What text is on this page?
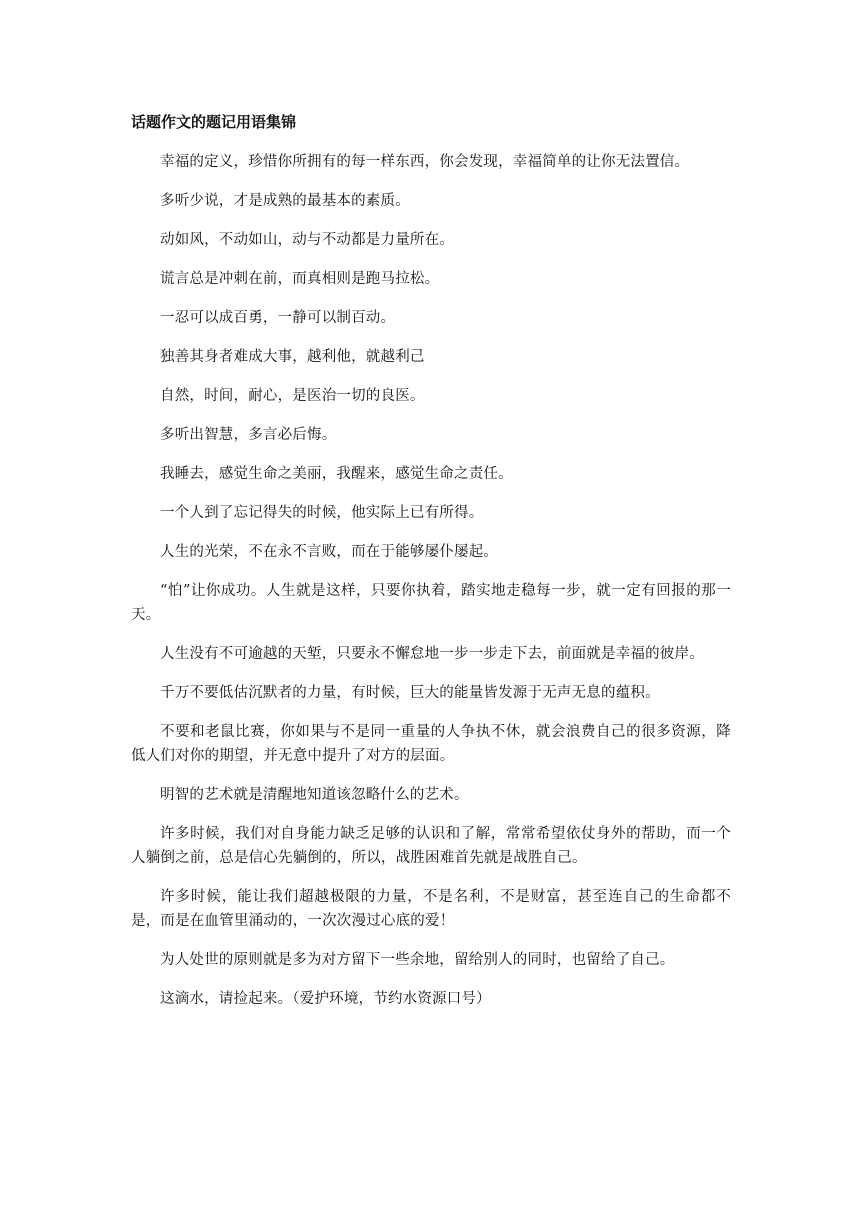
话题作文的题记用语集锦

幸福的定义，珍惜你所拥有的每一样东西，你会发现，幸福简单的让你无法置信。

多听少说，才是成熟的最基本的素质。

动如风，不动如山，动与不动都是力量所在。

谎言总是冲刺在前，而真相则是跑马拉松。

一忍可以成百勇，一静可以制百动。

独善其身者难成大事，越利他，就越利己

自然，时间，耐心，是医治一切的良医。

多听出智慧，多言必后悔。

我睡去，感觉生命之美丽，我醒来，感觉生命之责任。

一个人到了忘记得失的时候，他实际上已有所得。

人生的光荣，不在永不言败，而在于能够屡仆屡起。

“怕”让你成功。人生就是这样，只要你执着，踏实地走稳每一步，就一定有回报的那一天。

人生没有不可逾越的天堑，只要永不懈怠地一步一步走下去，前面就是幸福的彼岸。

千万不要低估沉默者的力量，有时候，巨大的能量皆发源于无声无息的蕴积。

不要和老鼠比赛，你如果与不是同一重量的人争执不休，就会浪费自己的很多资源，降低人们对你的期望，并无意中提升了对方的层面。

明智的艺术就是清醒地知道该忽略什么的艺术。

许多时候，我们对自身能力缺乏足够的认识和了解，常常希望依仗身外的帮助，而一个人躺倒之前，总是信心先躺倒的，所以，战胜困难首先就是战胜自己。

许多时候，能让我们超越极限的力量，不是名利，不是财富，甚至连自己的生命都不是，而是在血管里涌动的，一次次漫过心底的爱！

为人处世的原则就是多为对方留下一些余地，留给别人的同时，也留给了自己。

这滴水，请捡起来。（爱护环境，节约水资源口号）
